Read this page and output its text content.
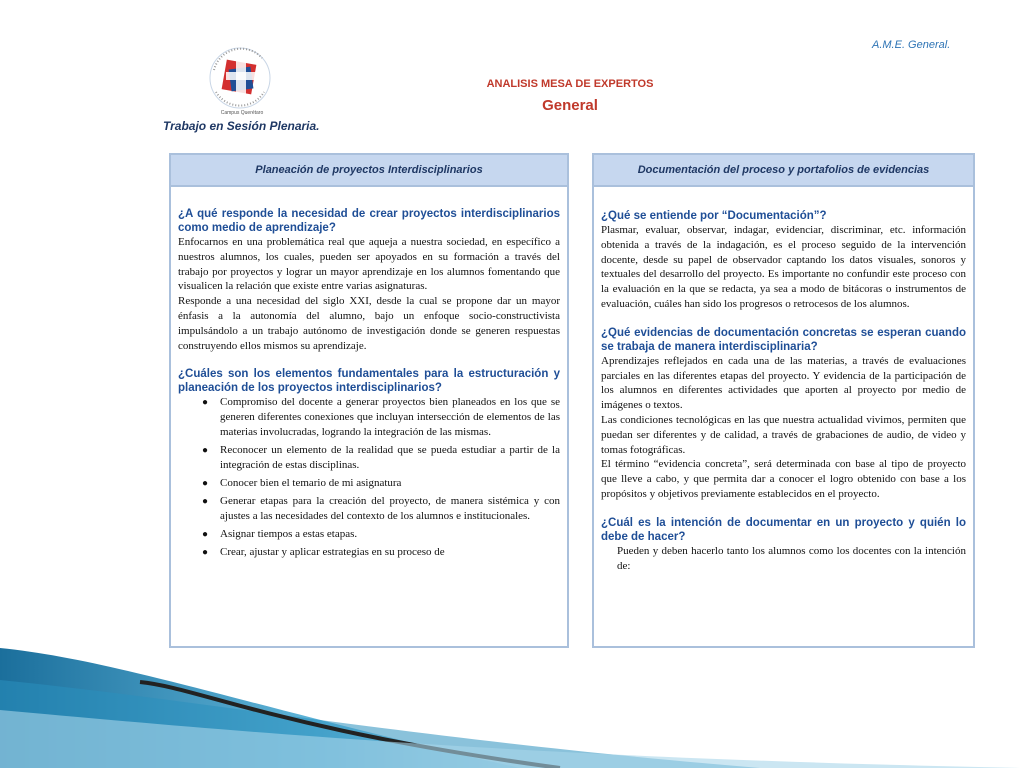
Campus Querétaro
Trabajo en Sesión Plenaria.
A.M.E. General.
ANALISIS MESA DE EXPERTOS
General
Planeación de proyectos Interdisciplinarios

¿A qué responde la necesidad de crear proyectos interdisciplinarios como medio de aprendizaje?

Enfocarnos en una problemática real que aqueja a nuestra sociedad, en específico a nuestros alumnos, los cuales, pueden ser apoyados en su formación a través del trabajo por proyectos y lograr un mayor aprendizaje en los alumnos fomentando que visualicen la relación que existe entre varias asignaturas.

Responde a una necesidad del siglo XXI, desde la cual se propone dar un mayor énfasis a la autonomía del alumno, bajo un enfoque socio-constructivista impulsándolo a un trabajo autónomo de investigación donde se generen respuestas construyendo ellos mismos su aprendizaje.

¿Cuáles son los elementos fundamentales para la estructuración y planeación de los proyectos interdisciplinarios?

● Compromiso del docente a generar proyectos bien planeados en los que se generen diferentes conexiones que incluyan intersección de elementos de las materias involucradas, logrando la integración de las mismas.
● Reconocer un elemento de la realidad que se pueda estudiar a partir de la integración de estas disciplinas.
● Conocer bien el temario de mi asignatura
● Generar etapas para la creación del proyecto, de manera sistémica y con ajustes a las necesidades del contexto de los alumnos e institucionales.
● Asignar tiempos a estas etapas.
● Crear, ajustar y aplicar estrategias en su proceso de
Documentación del proceso y portafolios de evidencias

¿Qué se entiende por “Documentación”?

Plasmar, evaluar, observar, indagar, evidenciar, discriminar, etc. información obtenida a través de la indagación, es el proceso seguido de la intervención docente, desde su papel de observador captando los datos visuales, sonoros y textuales del desarrollo del proyecto. Es importante no confundir este proceso con la evaluación en la que se redacta, ya sea a modo de bitácoras o instrumentos de evaluación, cuáles han sido los progresos o retrocesos de los alumnos.

¿Qué evidencias de documentación concretas se esperan cuando se trabaja de manera interdisciplinaria?

Aprendizajes reflejados en cada una de las materias, a través de evaluaciones parciales en las diferentes etapas del proyecto. Y evidencia de la participación de los alumnos en diferentes actividades que aporten al proyecto por medio de imágenes o textos.

Las condiciones tecnológicas en las que nuestra actualidad vivimos, permiten que puedan ser diferentes y de calidad, a través de grabaciones de audio, de video y tomas fotográficas.

El término “evidencia concreta”, será determinada con base al tipo de proyecto que lleve a cabo, y que permita dar a conocer el logro obtenido con base a los propósitos y objetivos previamente establecidos en el proyecto.

¿Cuál es la intención de documentar en un proyecto y quién lo debe de hacer?

Pueden y deben hacerlo tanto los alumnos como los docentes con la intención de:
